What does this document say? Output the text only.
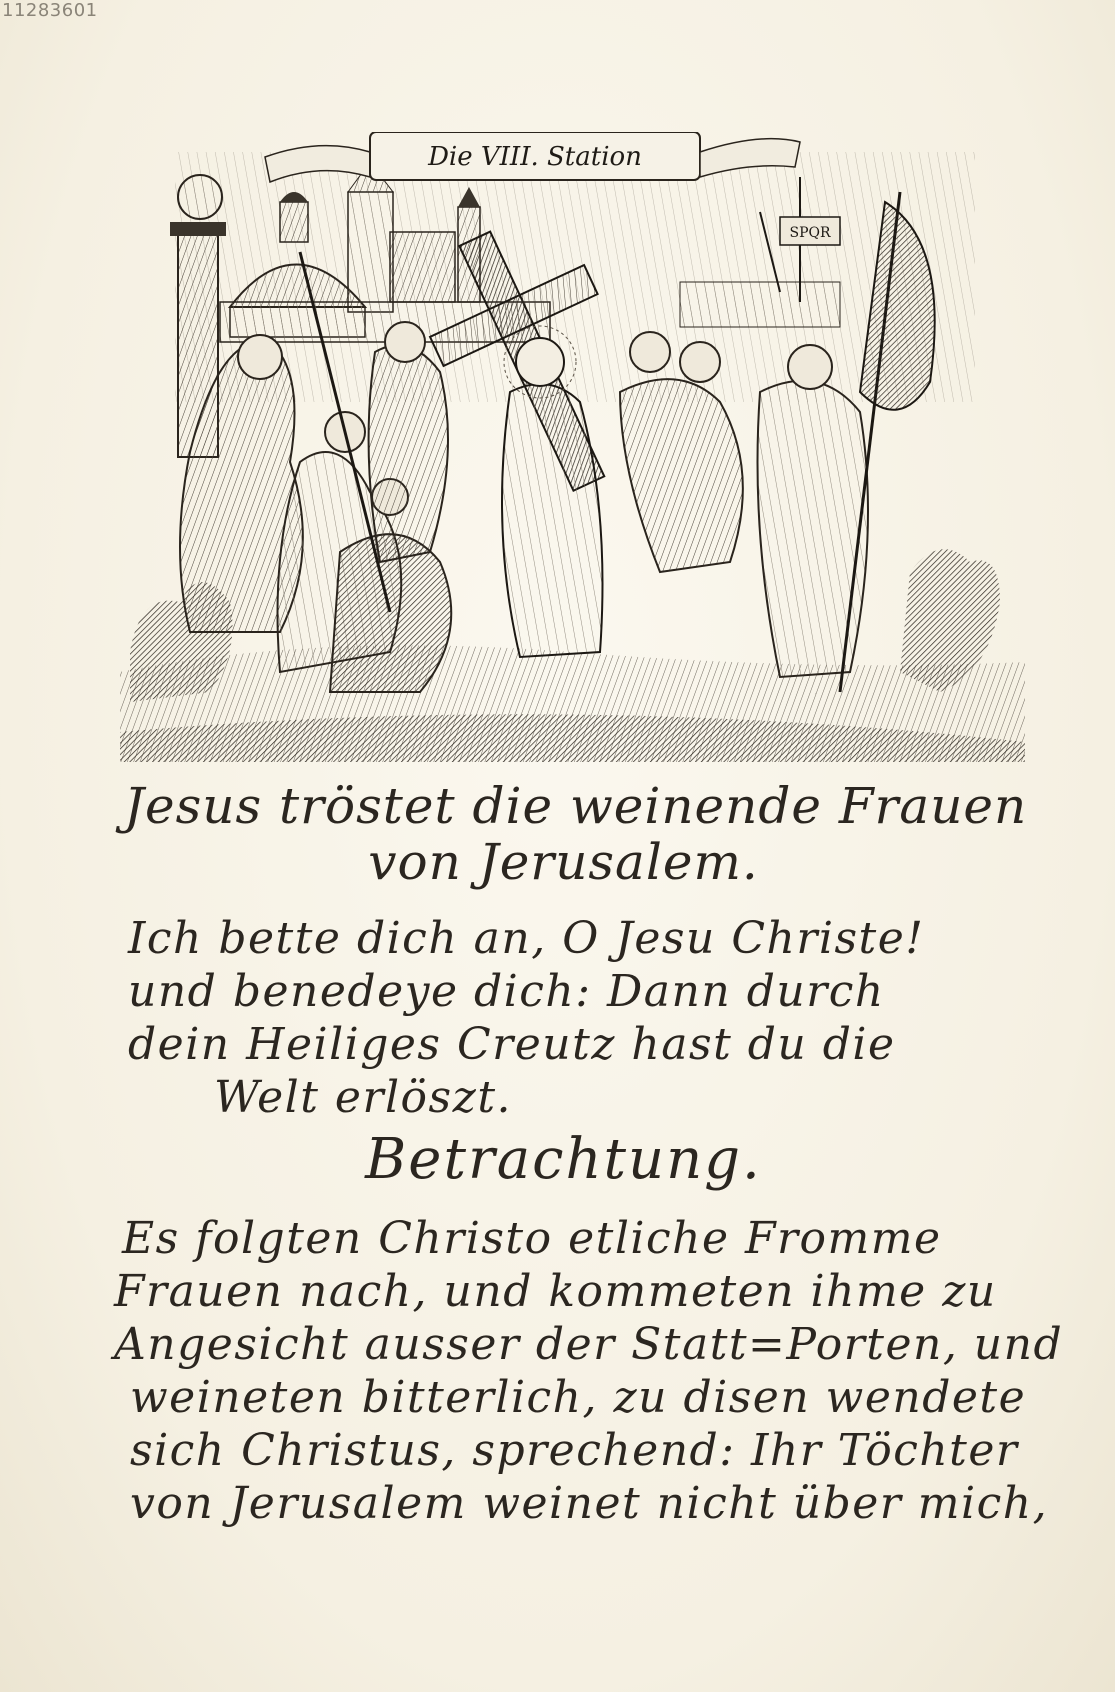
11283601
Die VIII. Station
SPQR
Jesus tröstet die weinende Frauen
von Jerusalem.
Ich bette dich an, O Jesu Christe!
und benedeye dich: Dann durch
dein Heiliges Creutz hast du die
Welt erlöszt.
Betrachtung.
Es folgten Christo etliche Fromme
Frauen nach, und kommeten ihme zu
Angesicht ausser der Statt=Porten, und
weineten bitterlich, zu disen wendete
sich Christus, sprechend: Ihr Töchter
von Jerusalem weinet nicht über mich,
